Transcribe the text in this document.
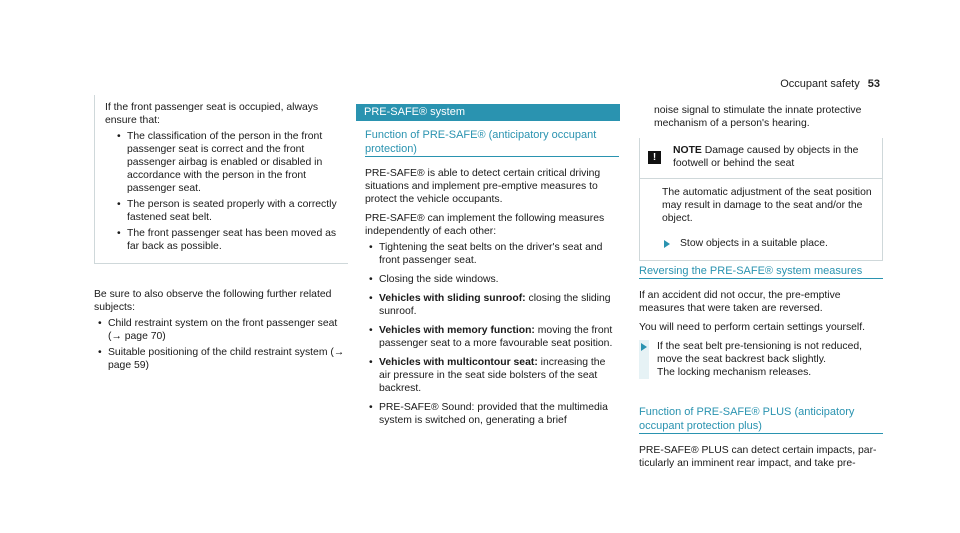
Occupant safety 53

If the front passenger seat is occupied, always ensure that:

• The classification of the person in the front passenger seat is correct and the front passenger airbag is enabled or disabled in accordance with the person in the front passenger seat.
• The person is seated properly with a correctly fastened seat belt.
• The front passenger seat has been moved as far back as possible.

Be sure to also observe the following further related subjects:

• Child restraint system on the front passenger seat (→ page 70)
• Suitable positioning of the child restraint system (→ page 59)
PRE-SAFE® system
Function of PRE-SAFE® (anticipatory occupant protection)

PRE-SAFE® is able to detect certain critical driving situations and implement pre-emptive measures to protect the vehicle occupants.

PRE-SAFE® can implement the following measures independently of each other:

• Tightening the seat belts on the driver's seat and front passenger seat.
• Closing the side windows.
• Vehicles with sliding sunroof: closing the sliding sunroof.
• Vehicles with memory function: moving the front passenger seat to a more favourable seat position.
• Vehicles with multicontour seat: increasing the air pressure in the seat side bolsters of the seat backrest.
• PRE-SAFE® Sound: provided that the multimedia system is switched on, generating a brief
noise signal to stimulate the innate protective mechanism of a person's hearing.
!
NOTE Damage caused by objects in the footwell or behind the seat

The automatic adjustment of the seat position may result in damage to the seat and/or the object.

Stow objects in a suitable place.
Reversing the PRE-SAFE® system measures

If an accident did not occur, the pre-emptive measures that were taken are reversed.

You will need to perform certain settings yourself.

If the seat belt pre-tensioning is not reduced, move the seat backrest back slightly.

The locking mechanism releases.

Function of PRE-SAFE® PLUS (anticipatory occupant protection plus)

PRE-SAFE® PLUS can detect certain impacts, particularly an imminent rear impact, and take pre-
